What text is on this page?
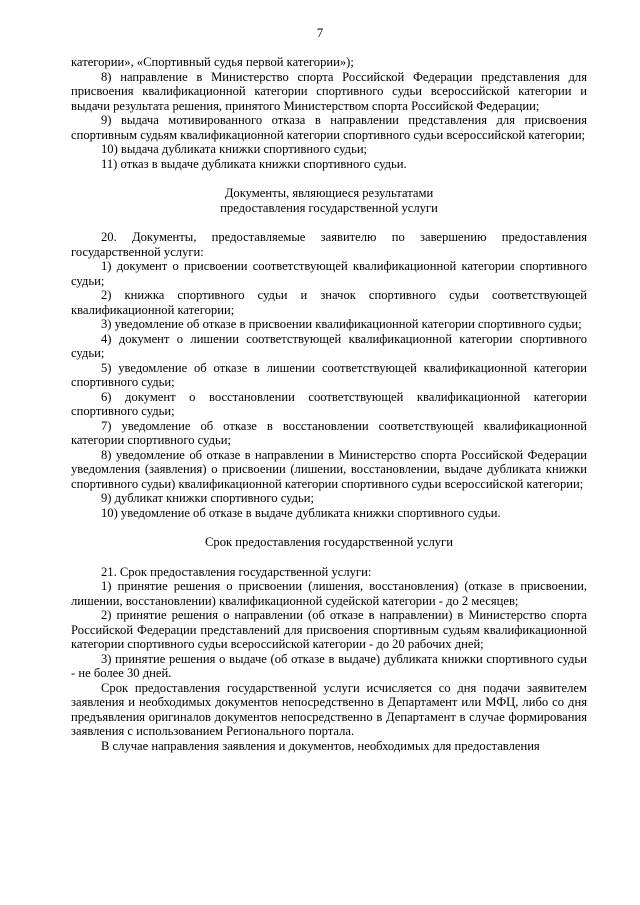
7

категории», «Спортивный судья первой категории»);

8) направление в Министерство спорта Российской Федерации представления для присвоения квалификационной категории спортивного судьи всероссийской категории и выдачи результата решения, принятого Министерством спорта Российской Федерации;

9) выдача мотивированного отказа в направлении представления для присвоения спортивным судьям квалификационной категории спортивного судьи всероссийской категории;

10) выдача дубликата книжки спортивного судьи;

11) отказ в выдаче дубликата книжки спортивного судьи.

Документы, являющиеся результатами

предоставления государственной услуги

20. Документы, предоставляемые заявителю по завершению предоставления государственной услуги:

1) документ о присвоении соответствующей квалификационной категории спортивного судьи;

2) книжка спортивного судьи и значок спортивного судьи соответствующей квалификационной категории;

3) уведомление об отказе в присвоении квалификационной категории спортивного судьи;

4) документ о лишении соответствующей квалификационной категории спортивного судьи;

5) уведомление об отказе в лишении соответствующей квалификационной категории спортивного судьи;

6) документ о восстановлении соответствующей квалификационной категории спортивного судьи;

7) уведомление об отказе в восстановлении соответствующей квалификационной категории спортивного судьи;

8) уведомление об отказе в направлении в Министерство спорта Российской Федерации уведомления (заявления) о присвоении (лишении, восстановлении, выдаче дубликата книжки спортивного судьи) квалификационной категории спортивного судьи всероссийской категории;

9) дубликат книжки спортивного судьи;

10) уведомление об отказе в выдаче дубликата книжки спортивного судьи.

Срок предоставления государственной услуги

21. Срок предоставления государственной услуги:

1) принятие решения о присвоении (лишения, восстановления) (отказе в присвоении, лишении, восстановлении) квалификационной судейской категории - до 2 месяцев;

2) принятие решения о направлении (об отказе в направлении) в Министерство спорта Российской Федерации представлений для присвоения спортивным судьям квалификационной категории спортивного судьи всероссийской категории - до 20 рабочих дней;

3) принятие решения о выдаче (об отказе в выдаче) дубликата книжки спортивного судьи - не более 30 дней.

Срок предоставления государственной услуги исчисляется со дня подачи заявителем заявления и необходимых документов непосредственно в Департамент или МФЦ, либо со дня предъявления оригиналов документов непосредственно в Департамент в случае формирования заявления с использованием Регионального портала.

В случае направления заявления и документов, необходимых для предоставления
